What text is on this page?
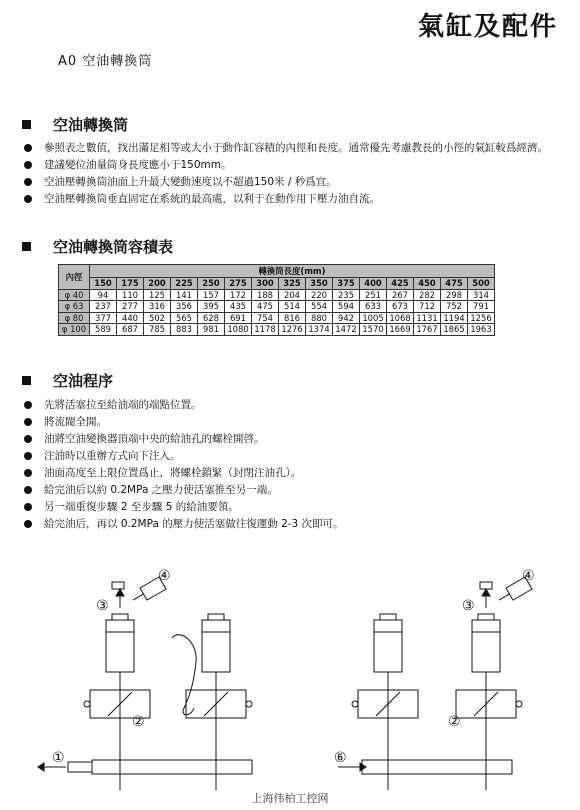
氣缸及配件
A0 空油轉換筒
空油轉換筒
參照表之數值，找出滿足相等或大小于動作缸容積的內徑和長度。通常優先考慮教長的小徑的氣缸較爲經濟。
建議變位油量筒身長度應小于150mm。
空油壓轉換筒油面上升最大變動速度以不超過150米 / 秒爲宜。
空油壓轉換筒垂直固定在系統的最高處，以利于在動作用下壓力油自流。
空油轉換筒容積表
內徑	轉換筒長度(mm)														
	150	175	200	225	250	275	300	325	350	375	400	425	450	475	500
φ 40	94	110	125	141	157	172	188	204	220	235	251	267	282	298	314
φ 63	237	277	316	356	395	435	475	514	554	594	633	673	712	752	791
φ 80	377	440	502	565	628	691	754	816	880	942	1005	1068	1131	1194	1256
φ 100	589	687	785	883	981	1080	1178	1276	1374	1472	1570	1669	1767	1865	1963
空油程序
先將活塞拉至給油端的端點位置。
將流閥全開。
油將空油變換器頂端中央的給油孔的螺栓開啓。
注油時以重辦方式向下注入。
油面高度至上限位置爲止，將螺栓鎖緊（封閉注油孔）。
給完油后以約 0.2MPa 之壓力使活塞推至另一端。
另一端重復步驟 2 至步驟 5 的給油要領。
給完油后，再以 0.2MPa 的壓力使活塞做往復運動 2-3 次即可。
③
④
②
①
③
④
②
⑥
上海伟柏工控网
